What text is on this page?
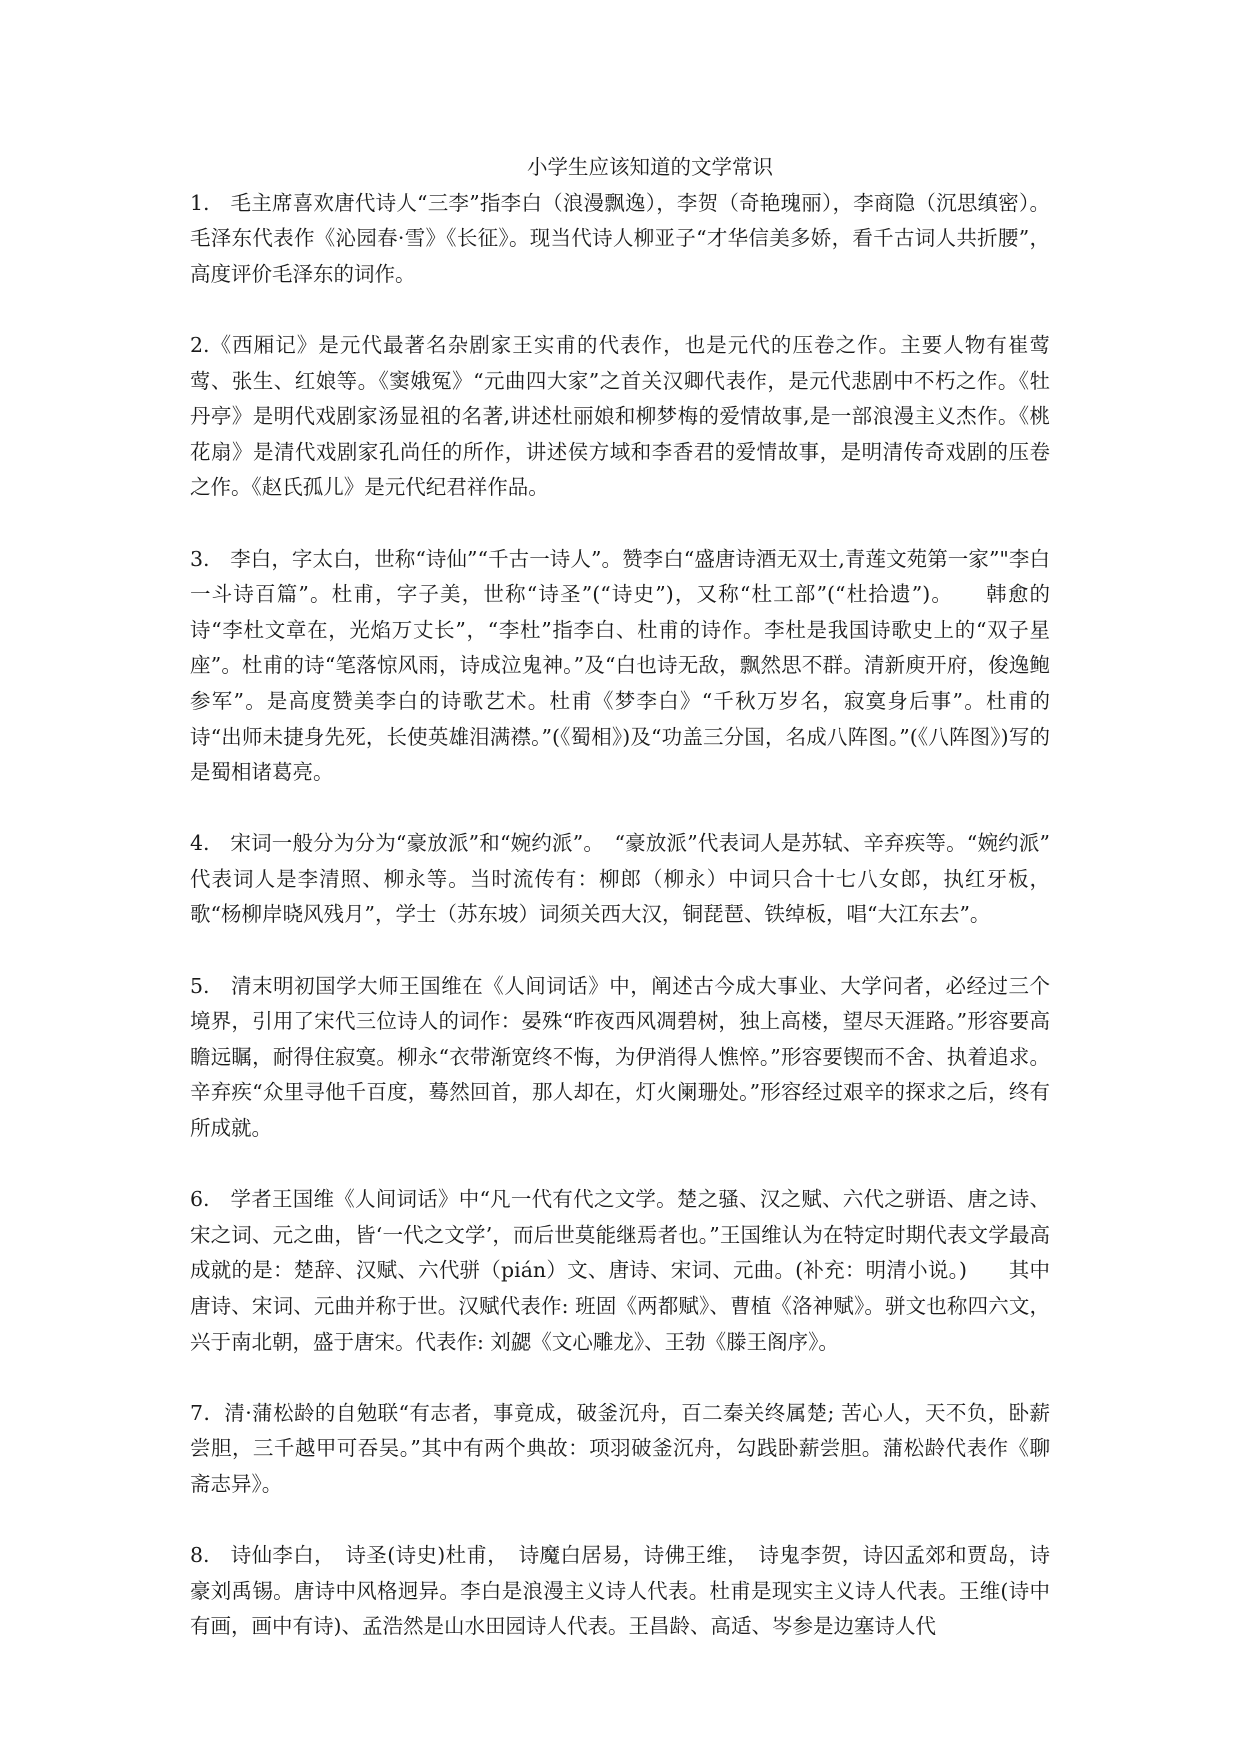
小学生应该知道的文学常识

1.　毛主席喜欢唐代诗人“三李”指李白（浪漫飘逸），李贺（奇艳瑰丽），李商隐（沉思缜密）。毛泽东代表作《沁园春·雪》《长征》。现当代诗人柳亚子“才华信美多娇，看千古词人共折腰”，高度评价毛泽东的词作。

2.《西厢记》是元代最著名杂剧家王实甫的代表作，也是元代的压卷之作。主要人物有崔莺莺、张生、红娘等。《窦娥冤》“元曲四大家”之首关汉卿代表作，是元代悲剧中不朽之作。《牡丹亭》是明代戏剧家汤显祖的名著,讲述杜丽娘和柳梦梅的爱情故事,是一部浪漫主义杰作。《桃花扇》是清代戏剧家孔尚任的所作，讲述侯方域和李香君的爱情故事，是明清传奇戏剧的压卷之作。《赵氏孤儿》是元代纪君祥作品。

3.　李白，字太白，世称“诗仙”“千古一诗人”。赞李白“盛唐诗酒无双士,青莲文苑第一家”"李白一斗诗百篇”。杜甫，字子美，世称“诗圣”(“诗史”)，又称“杜工部”(“杜拾遗”)。　　韩愈的诗“李杜文章在，光焰万丈长”，“李杜”指李白、杜甫的诗作。李杜是我国诗歌史上的“双子星座”。杜甫的诗“笔落惊风雨，诗成泣鬼神。”及“白也诗无敌，飘然思不群。清新庾开府，俊逸鲍参军”。是高度赞美李白的诗歌艺术。杜甫《梦李白》“千秋万岁名，寂寞身后事”。杜甫的诗“出师未捷身先死，长使英雄泪满襟。”(《蜀相》)及“功盖三分国，名成八阵图。”(《八阵图》)写的是蜀相诸葛亮。

4.　宋词一般分为分为“豪放派”和“婉约派”。　“豪放派”代表词人是苏轼、辛弃疾等。“婉约派”　代表词人是李清照、柳永等。当时流传有：柳郎（柳永）中词只合十七八女郎，执红牙板，歌“杨柳岸晓风残月”，学士（苏东坡）词须关西大汉，铜琵琶、铁绰板，唱“大江东去”。

5.　清末明初国学大师王国维在《人间词话》中，阐述古今成大事业、大学问者，必经过三个境界，引用了宋代三位诗人的词作：晏殊“昨夜西风凋碧树，独上高楼，望尽天涯路。”形容要高瞻远瞩，耐得住寂寞。柳永“衣带渐宽终不悔，为伊消得人憔悴。”形容要锲而不舍、执着追求。辛弃疾“众里寻他千百度，蓦然回首，那人却在，灯火阑珊处。”形容经过艰辛的探求之后，终有所成就。

6.　学者王国维《人间词话》中“凡一代有代之文学。楚之骚、汉之赋、六代之骈语、唐之诗、宋之词、元之曲，皆‘一代之文学’，而后世莫能继焉者也。”王国维认为在特定时期代表文学最高成就的是：楚辞、汉赋、六代骈（pián）文、唐诗、宋词、元曲。(补充：明清小说。)　　其中唐诗、宋词、元曲并称于世。汉赋代表作: 班固《两都赋》、曹植《洛神赋》。骈文也称四六文，兴于南北朝，盛于唐宋。代表作: 刘勰《文心雕龙》、王勃《滕王阁序》。

7．清·蒲松龄的自勉联“有志者，事竟成，破釜沉舟，百二秦关终属楚; 苦心人，天不负，卧薪尝胆，三千越甲可吞吴。”其中有两个典故：项羽破釜沉舟，勾践卧薪尝胆。蒲松龄代表作《聊斋志异》。

8.　诗仙李白，　诗圣(诗史)杜甫，　诗魔白居易，诗佛王维，　诗鬼李贺，诗囚孟郊和贾岛，诗豪刘禹锡。唐诗中风格迥异。李白是浪漫主义诗人代表。杜甫是现实主义诗人代表。王维(诗中有画，画中有诗)、孟浩然是山水田园诗人代表。王昌龄、高适、岑参是边塞诗人代
